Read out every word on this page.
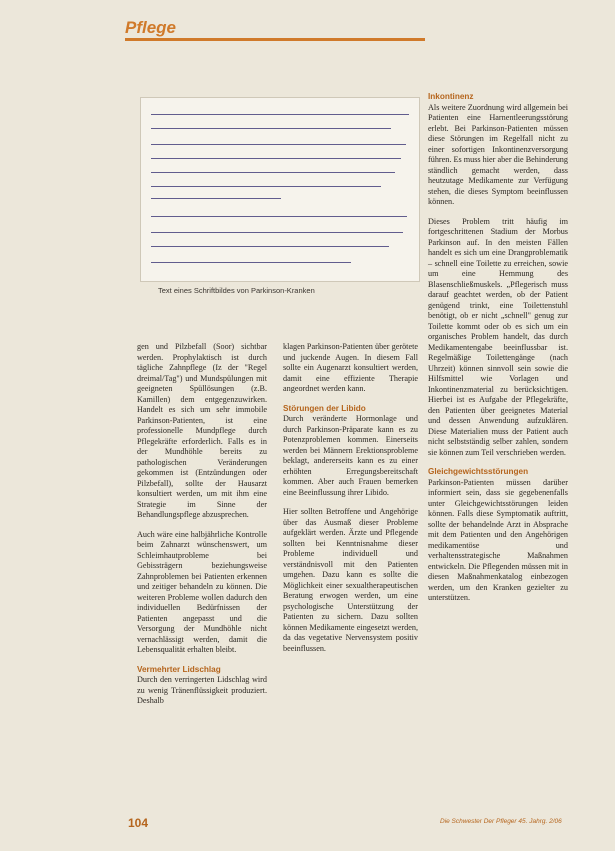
Pflege
Text eines Schriftbildes von Parkinson-Kranken

gen und Pilzbefall (Soor) sichtbar werden. Prophylaktisch ist durch tägliche Zahnpflege (Iz der "Regel dreimal/Tag") und Mundspülungen mit geeigneten Spüllösungen (z.B. Kamillen) dem entgegenzuwirken. Handelt es sich um sehr immobile Parkinson-Patienten, ist eine professionelle Mundpflege durch Pflegekräfte erforderlich. Falls es in der Mundhöhle bereits zu pathologischen Veränderungen gekommen ist (Entzündungen oder Pilzbefall), sollte der Hausarzt konsultiert werden, um mit ihm eine Strategie im Sinne der Behandlungspflege abzusprechen.

Auch wäre eine halbjährliche Kontrolle beim Zahnarzt wünschenswert, um Schleimhautprobleme bei Gebissträgern beziehungsweise Zahnproblemen bei Patienten erkennen und zeitiger behandeln zu können. Die weiteren Probleme wollen dadurch den individuellen Bedürfnissen der Patienten angepasst und die Versorgung der Mundhöhle nicht vernachlässigt werden, damit die Lebensqualität erhalten bleibt.

Vermehrter Lidschlag

Durch den verringerten Lidschlag wird zu wenig Tränenflüssigkeit produziert. Deshalb

klagen Parkinson-Patienten über gerötete und juckende Augen. In diesem Fall sollte ein Augenarzt konsultiert werden, damit eine effiziente Therapie angeordnet werden kann.

Störungen der Libido

Durch veränderte Hormonlage und durch Parkinson-Präparate kann es zu Potenzproblemen kommen. Einerseits werden bei Männern Erektionsprobleme beklagt, andererseits kann es zu einer erhöhten Erregungsbereitschaft kommen. Aber auch Frauen bemerken eine Beeinflussung ihrer Libido.

Hier sollten Betroffene und Angehörige über das Ausmaß dieser Probleme aufgeklärt werden. Ärzte und Pflegende sollten bei Kenntnisnahme dieser Probleme individuell und verständnisvoll mit den Patienten umgehen. Dazu kann es sollte die Möglichkeit einer sexualtherapeutischen Beratung erwogen werden, um eine psychologische Unterstützung der Patienten zu sichern. Dazu sollten können Medikamente eingesetzt werden, da das vegetative Nervensystem positiv beeinflussen.

Inkontinenz

Als weitere Zuordnung wird allgemein bei Patienten eine Harnentleerungsstörung erlebt. Bei Parkinson-Patienten müssen diese Störungen im Regelfall nicht zu einer sofortigen Inkontinenzversorgung führen. Es muss hier aber die Behinderung ständlich gemacht werden, dass heutzutage Medikamente zur Verfügung stehen, die dieses Symptom beeinflussen können.

Dieses Problem tritt häufig im fortgeschrittenen Stadium der Morbus Parkinson auf. In den meisten Fällen handelt es sich um eine Drangproblematik – schnell eine Toilette zu erreichen, sowie um eine Hemmung des Blasenschließmuskels. „Pflegerisch muss darauf geachtet werden, ob der Patient genügend trinkt, eine Toilettenstuhl benötigt, ob er nicht „schnell" genug zur Toilette kommt oder ob es sich um ein organisches Problem handelt, das durch Medikamentengabe beeinflussbar ist. Regelmäßige Toilettengänge (nach Uhrzeit) können sinnvoll sein sowie die Hilfsmittel wie Vorlagen und Inkontinenzmaterial zu berücksichtigen. Hierbei ist es Aufgabe der Pflegekräfte, den Patienten über geeignetes Material und dessen Anwendung aufzuklären. Diese Materialien muss der Patient auch nicht selbstständig selber zahlen, sondern sie können zum Teil verschrieben werden.

Gleichgewichtsstörungen

Parkinson-Patienten müssen darüber informiert sein, dass sie gegebenenfalls unter Gleichgewichtsstörungen leiden können. Falls diese Symptomatik auftritt, sollte der behandelnde Arzt in Absprache mit dem Patienten und den Angehörigen medikamentöse und verhaltensstrategische Maßnahmen entwickeln. Die Pflegenden müssen mit in diesen Maßnahmenkatalog einbezogen werden, um den Kranken gezielter zu unterstützen.

104	Die Schwester Der Pfleger 45. Jahrg. 2/06
